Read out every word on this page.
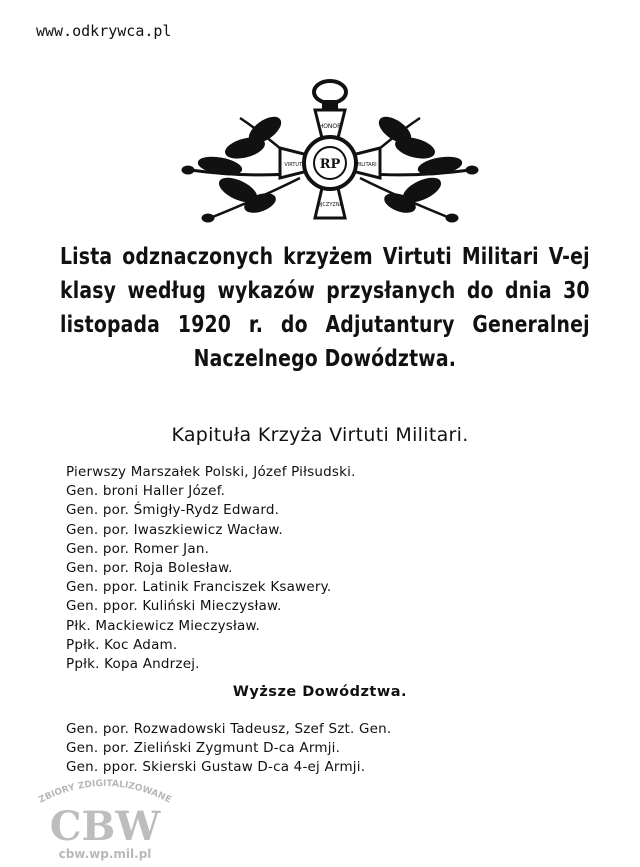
www.odkrywca.pl
RP
HONOR
VIRTUTI	MILITARI
OJCZYZNA
Lista odznaczonych krzyżem Virtuti Militari V-ej
klasy według wykazów przysłanych do dnia 30
listopada 1920 r. do Adjutantury Generalnej
Naczelnego Dowództwa.
Kapituła Krzyża Virtuti Militari.
Pierwszy Marszałek Polski, Józef Piłsudski.
Gen. broni Haller Józef.
Gen. por. Śmigły-Rydz Edward.
Gen. por. Iwaszkiewicz Wacław.
Gen. por. Romer Jan.
Gen. por. Roja Bolesław.
Gen. ppor. Latinik Franciszek Ksawery.
Gen. ppor. Kuliński Mieczysław.
Płk. Mackiewicz Mieczysław.
Ppłk. Koc Adam.
Ppłk. Kopa Andrzej.
Wyższe Dowództwa.
Gen. por. Rozwadowski Tadeusz, Szef Szt. Gen.
Gen. por. Zieliński Zygmunt D-ca Armji.
Gen. ppor. Skierski Gustaw D-ca 4-ej Armji.
ZBIORY ZDIGITALIZOWANE
CBW
cbw.wp.mil.pl
